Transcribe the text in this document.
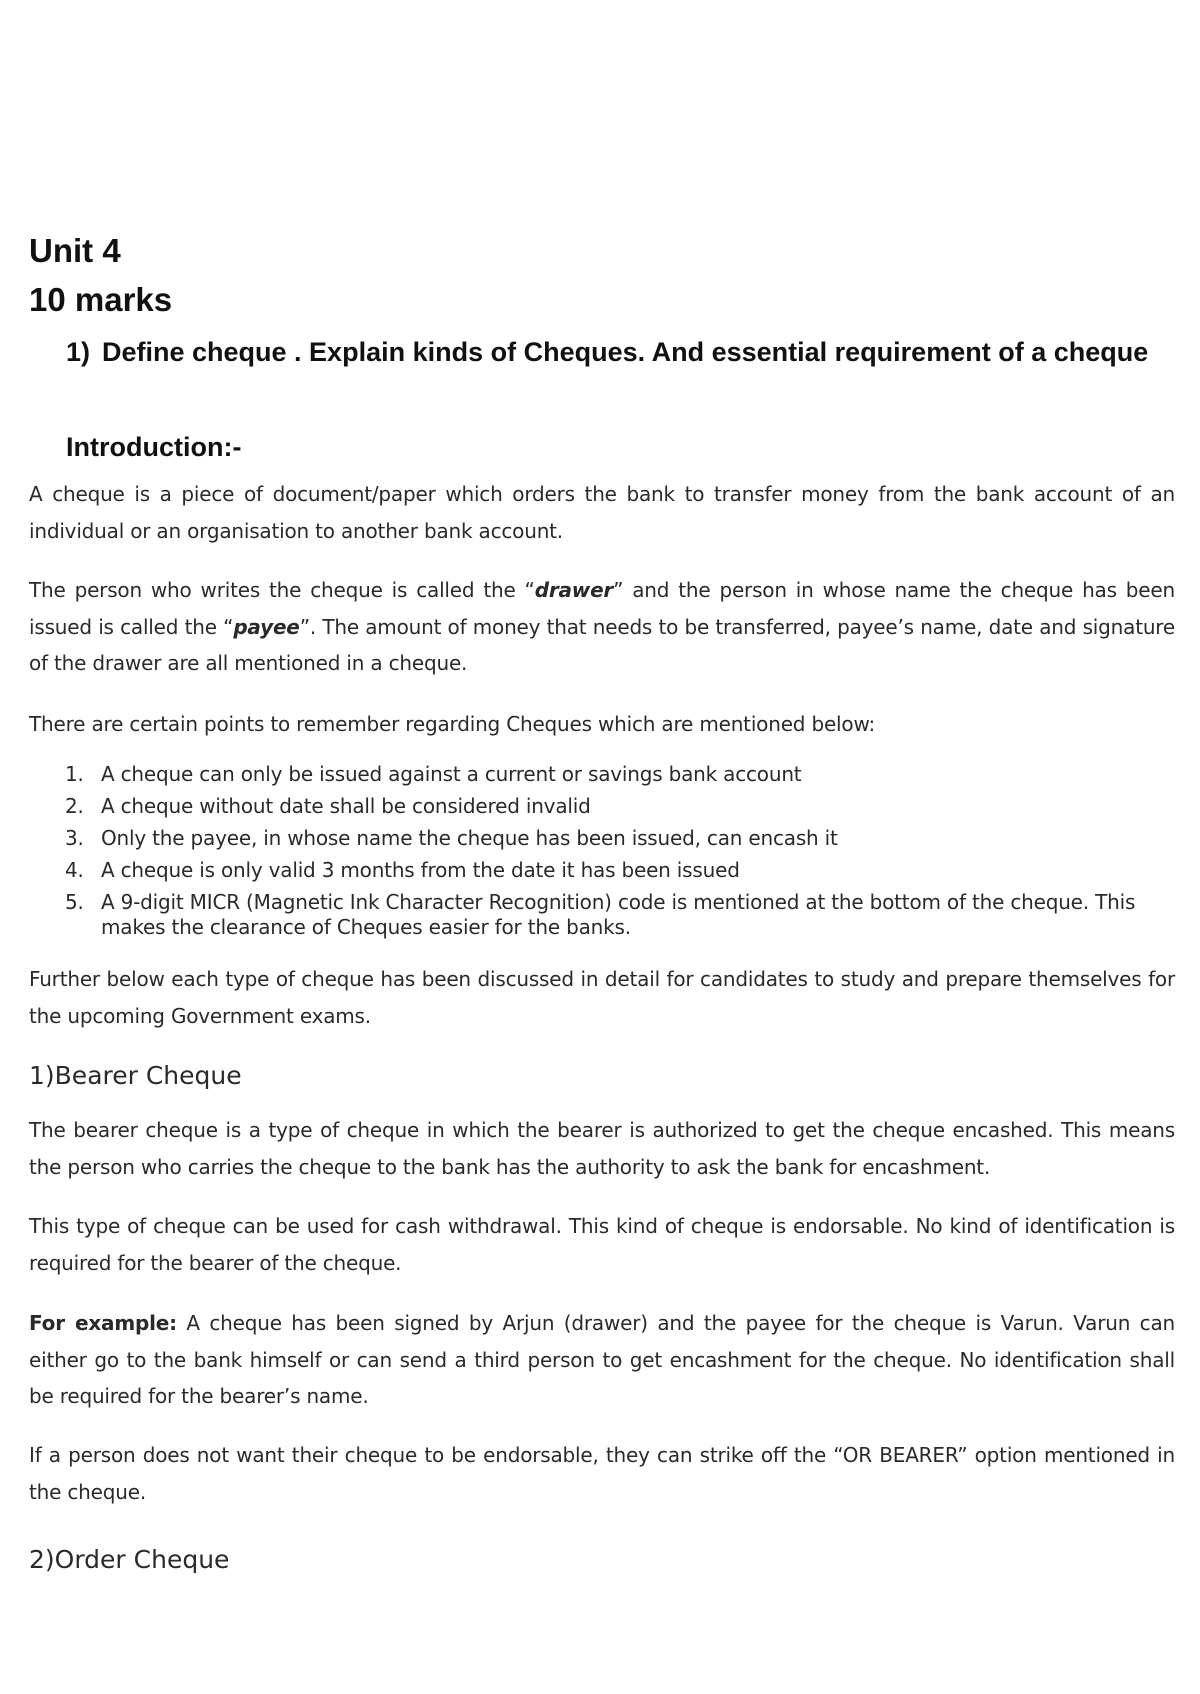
Unit 4
10 marks
1) Define cheque . Explain kinds of Cheques. And essential requirement of a cheque
Introduction:-

A cheque is a piece of document/paper which orders the bank to transfer money from the bank account of an individual or an organisation to another bank account.

The person who writes the cheque is called the “drawer” and the person in whose name the cheque has been issued is called the “payee”. The amount of money that needs to be transferred, payee’s name, date and signature of the drawer are all mentioned in a cheque.

There are certain points to remember regarding Cheques which are mentioned below:

1. A cheque can only be issued against a current or savings bank account
2. A cheque without date shall be considered invalid
3. Only the payee, in whose name the cheque has been issued, can encash it
4. A cheque is only valid 3 months from the date it has been issued
5. A 9-digit MICR (Magnetic Ink Character Recognition) code is mentioned at the bottom of the cheque. This makes the clearance of Cheques easier for the banks.

Further below each type of cheque has been discussed in detail for candidates to study and prepare themselves for the upcoming Government exams.

1)Bearer Cheque

The bearer cheque is a type of cheque in which the bearer is authorized to get the cheque encashed. This means the person who carries the cheque to the bank has the authority to ask the bank for encashment.

This type of cheque can be used for cash withdrawal. This kind of cheque is endorsable. No kind of identification is required for the bearer of the cheque.

For example: A cheque has been signed by Arjun (drawer) and the payee for the cheque is Varun. Varun can either go to the bank himself or can send a third person to get encashment for the cheque. No identification shall be required for the bearer’s name.

If a person does not want their cheque to be endorsable, they can strike off the “OR BEARER” option mentioned in the cheque.

2)Order Cheque
